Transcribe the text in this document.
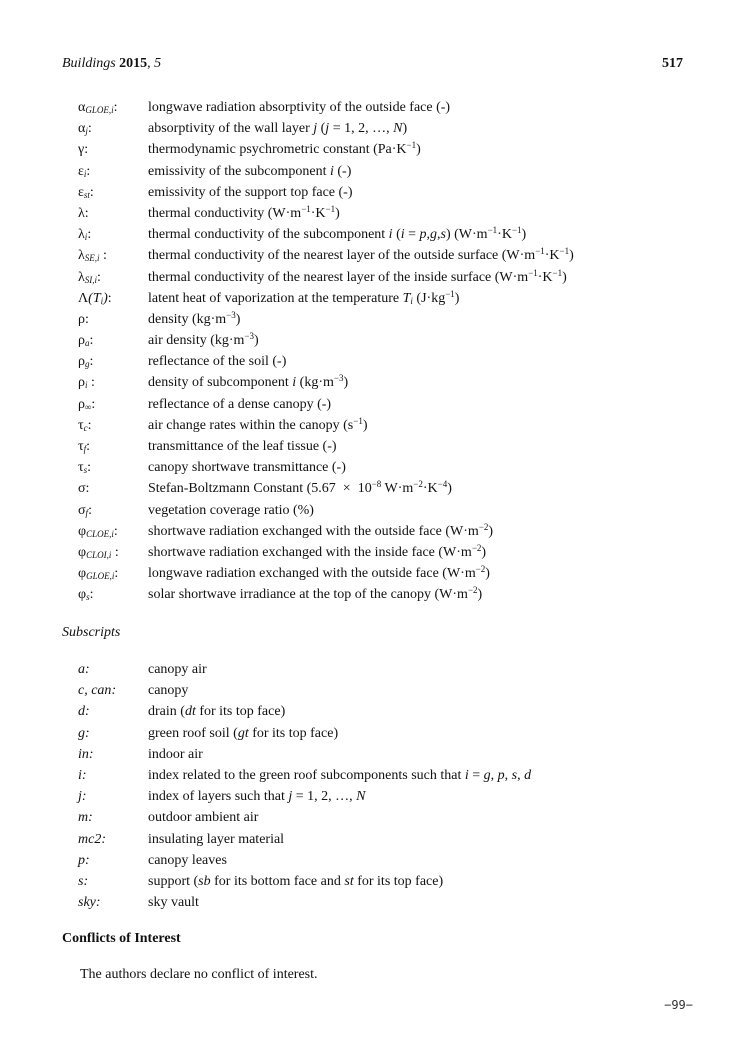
Buildings 2015, 5	517
$\alpha_{GLOE,i}$: longwave radiation absorptivity of the outside face (-)
$\alpha_j$:	absorptivity of the wall layer j (j = 1, 2, …, N)
γ:	thermodynamic psychrometric constant $(Pa\cdot K^{-1})$
$\varepsilon_i$:	emissivity of the subcomponent i (-)
$\varepsilon_{st}$:	emissivity of the support top face (-)
λ:	thermal conductivity $(W\cdot m^{-1}\cdot K^{-1})$
$\lambda_i$:	thermal conductivity of the subcomponent i (i = p,g,s) $(W\cdot m^{-1}\cdot K^{-1})$
$\lambda_{SE,i}$ :	thermal conductivity of the nearest layer of the outside surface $(W\cdot m^{-1}\cdot K^{-1})$
$\lambda_{SI,i}$:	thermal conductivity of the nearest layer of the inside surface $(W\cdot m^{-1}\cdot K^{-1})$
$\Lambda(T_i)$:	latent heat of vaporization at the temperature $T_i$ $(J\cdot kg^{-1})$
ρ:	density $(kg\cdot m^{-3})$
$\rho_a$:	air density $(kg\cdot m^{-3})$
$\rho_g$:	reflectance of the soil (-)
$\rho_i$ :	density of subcomponent i $(kg\cdot m^{-3})$
$\rho_\infty$:	reflectance of a dense canopy (-)
$\tau_c$:	air change rates within the canopy $(s^{-1})$
$\tau_f$:	transmittance of the leaf tissue (-)
$\tau_s$:	canopy shortwave transmittance (-)
σ:	Stefan-Boltzmann Constant ($5.67 \times 10^{-8}$ $W\cdot m^{-2}\cdot K^{-4}$)
$\sigma_f$:	vegetation coverage ratio (%)
$\varphi_{CLOE,i}$: shortwave radiation exchanged with the outside face $(W\cdot m^{-2})$
$\varphi_{CLOI,i}$ : shortwave radiation exchanged with the inside face $(W\cdot m^{-2})$
$\varphi_{GLOE,i}$: longwave radiation exchanged with the outside face $(W\cdot m^{-2})$
$\varphi_s$:	solar shortwave irradiance at the top of the canopy $(W\cdot m^{-2})$
Subscripts
a:	canopy air
c, can: canopy
d:	drain (dt for its top face)
g:	green roof soil (gt for its top face)
in:	indoor air
i:	index related to the green roof subcomponents such that i = g, p, s, d
j:	index of layers such that j = 1, 2, …, N
m:	outdoor ambient air
mc2:	insulating layer material
p:	canopy leaves
s:	support (sb for its bottom face and st for its top face)
sky:	sky vault
Conflicts of Interest
The authors declare no conflict of interest.
−99−
